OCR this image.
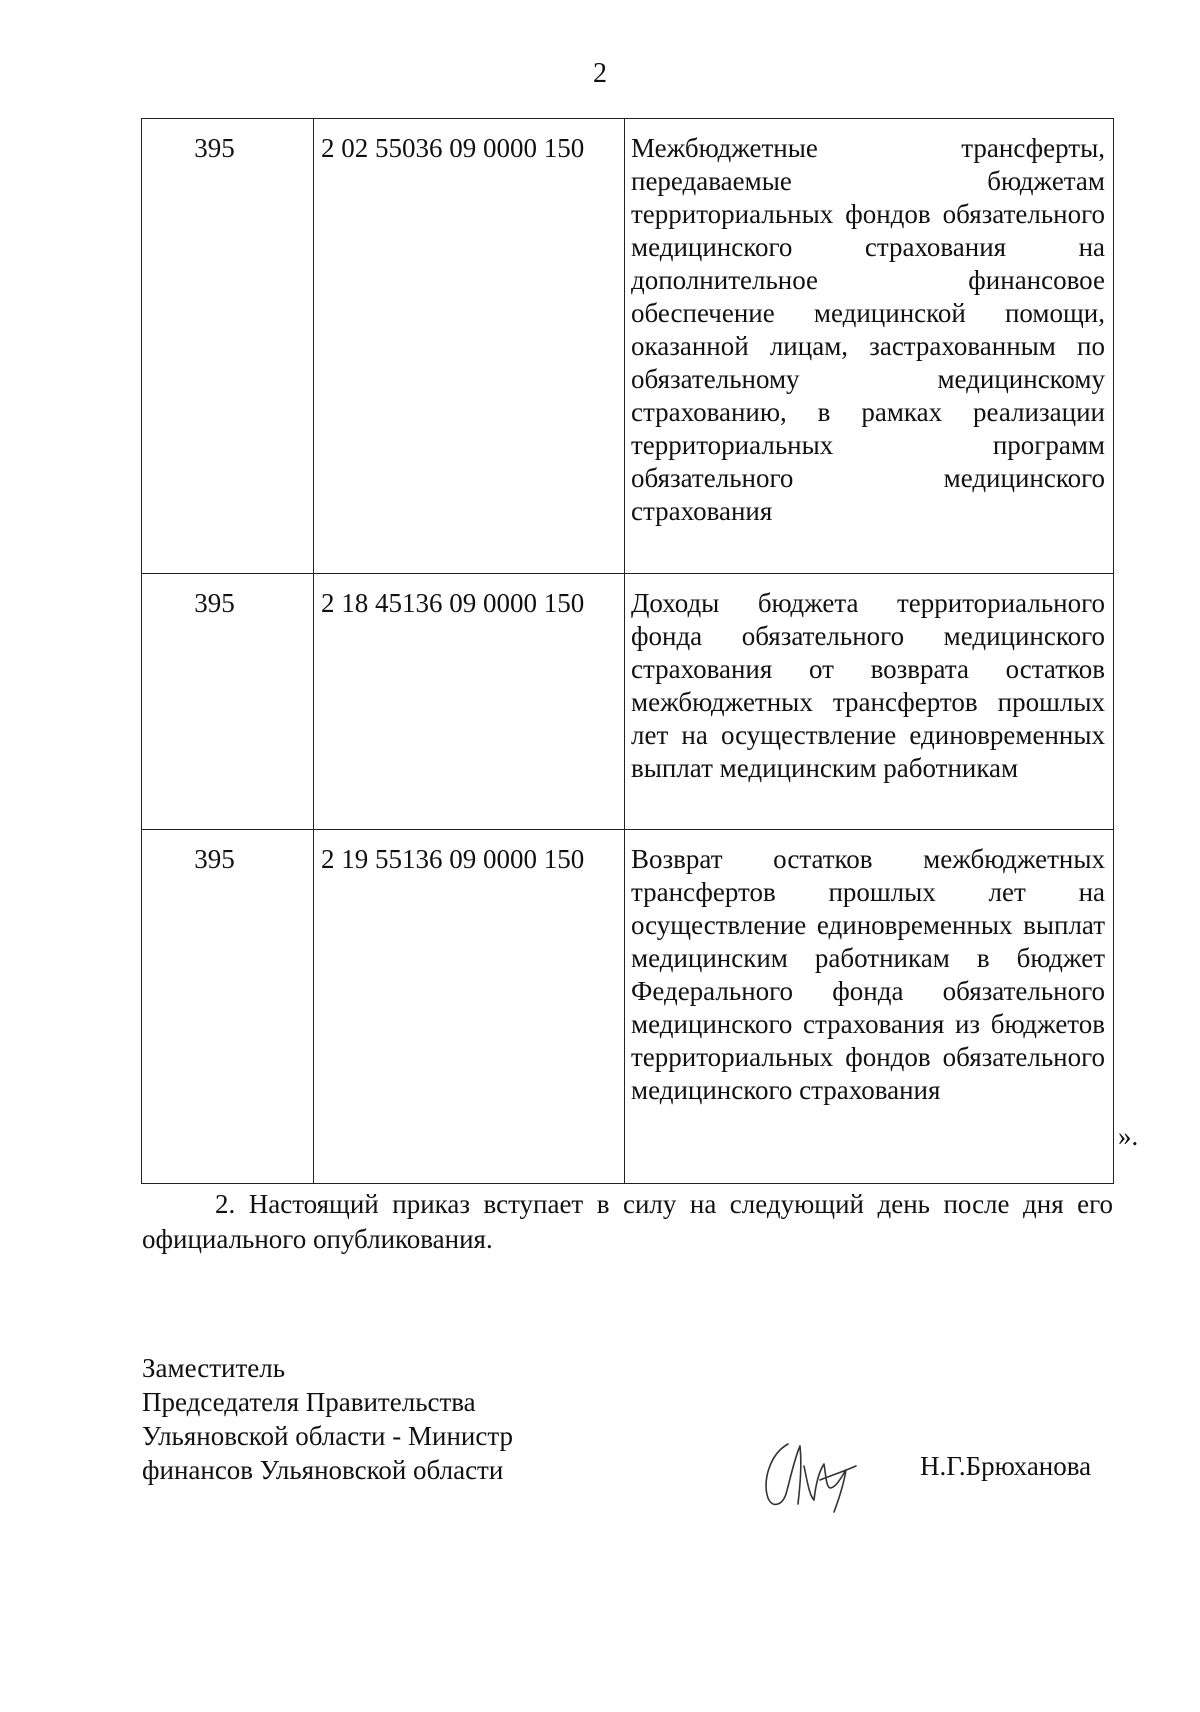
2
395	2 02 55036 09 0000 150	Межбюджетные трансферты, передаваемые бюджетам территориальных фондов обязательного медицинского страхования на дополнительное финансовое обеспечение медицинской помощи, оказанной лицам, застрахованным по обязательному медицинскому страхованию, в рамках реализации территориальных программ обязательного медицинского страхования
395	2 18 45136 09 0000 150	Доходы бюджета территориального фонда обязательного медицинского страхования от возврата остатков межбюджетных трансфертов прошлых лет на осуществление единовременных выплат медицинским работникам
395	2 19 55136 09 0000 150	Возврат остатков межбюджетных трансфертов прошлых лет на осуществление единовременных выплат медицинским работникам в бюджет Федерального фонда обязательного медицинского страхования из бюджетов территориальных фондов обязательного медицинского страхования
».
2. Настоящий приказ вступает в силу на следующий день после дня его официального опубликования.
Заместитель
Председателя Правительства
Ульяновской области - Министр
финансов Ульяновской области	Н.Г.Брюханова
